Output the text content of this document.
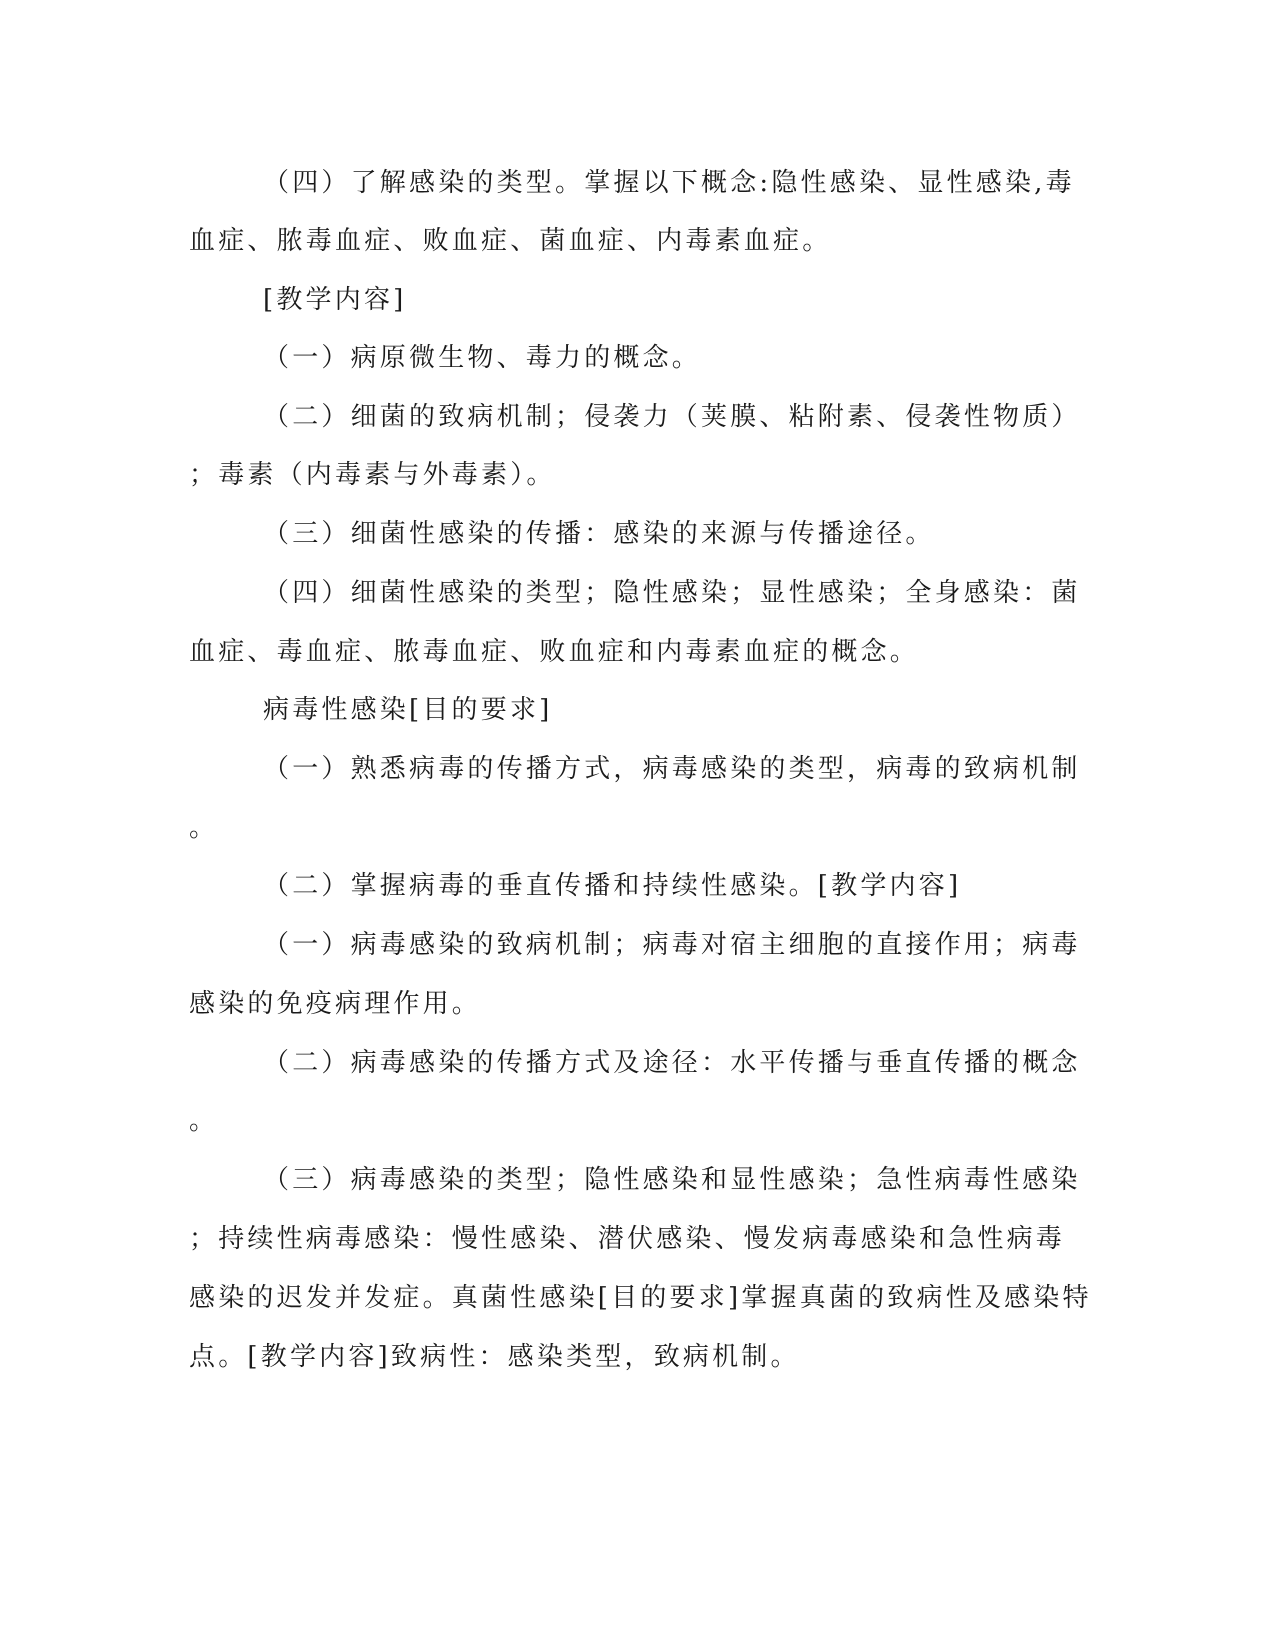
（四）了解感染的类型。掌握以下概念:隐性感染、显性感染,毒
血症、脓毒血症、败血症、菌血症、内毒素血症。
[教学内容]
（一）病原微生物、毒力的概念。
（二）细菌的致病机制；侵袭力（荚膜、粘附素、侵袭性物质）
；毒素（内毒素与外毒素）。
（三）细菌性感染的传播：感染的来源与传播途径。
（四）细菌性感染的类型；隐性感染；显性感染；全身感染：菌
血症、毒血症、脓毒血症、败血症和内毒素血症的概念。
病毒性感染[目的要求]
（一）熟悉病毒的传播方式，病毒感染的类型，病毒的致病机制
。
（二）掌握病毒的垂直传播和持续性感染。[教学内容]
（一）病毒感染的致病机制；病毒对宿主细胞的直接作用；病毒
感染的免疫病理作用。
（二）病毒感染的传播方式及途径：水平传播与垂直传播的概念
。
（三）病毒感染的类型；隐性感染和显性感染；急性病毒性感染
；持续性病毒感染：慢性感染、潜伏感染、慢发病毒感染和急性病毒
感染的迟发并发症。真菌性感染[目的要求]掌握真菌的致病性及感染特
点。[教学内容]致病性：感染类型，致病机制。
